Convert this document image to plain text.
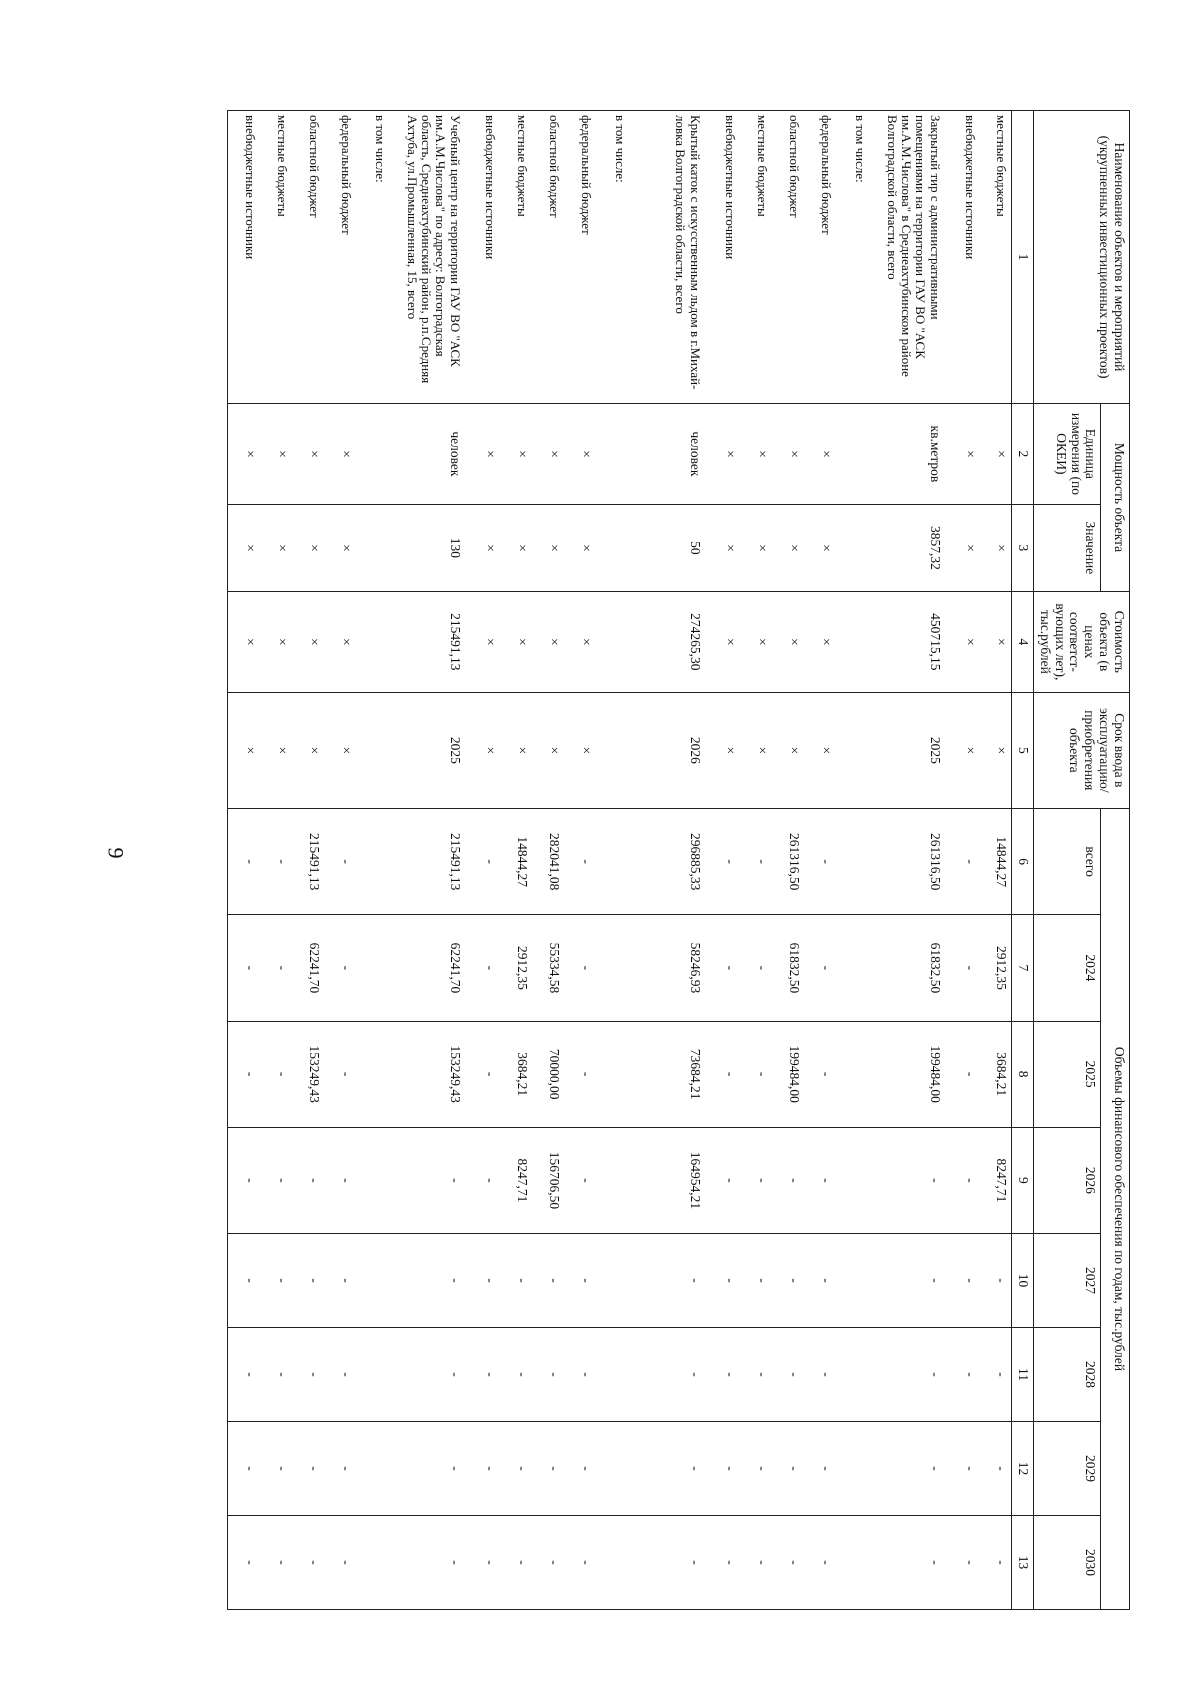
9
Наименование объектов и мероприятий (укрупненных инвестиционных проектов)	Мощность объекта		Стоимость объекта (в ценах соответст-вующих лет), тыс.рублей	Срок ввода в эксплуатацию/ приобретения объекта	Объемы финансового обеспечения по годам, тыс.рублей							
	Единица измерения (по ОКЕИ)	Значение			всего	2024	2025	2026	2027	2028	2029	2030
1	2	3	4	5	6	7	8	9	10	11	12	13
местные бюджеты	×	×	×	×	14844,27	2912,35	3684,21	8247,71	-	-	-	-
внебюджетные источники	×	×	×	×	-	-	-	-	-	-	-	-
Закрытый тир с административными помещениями на территории ГАУ ВО "АСК им.А.М.Числова" в Среднеахтубинском районе Волгоградской области, всего	кв.метров	3857,32	450715,15	2025	261316,50	61832,50	199484,00	-	-	-	-	-
в том числе:												
федеральный бюджет	×	×	×	×	-	-	-	-	-	-	-	-
областной бюджет	×	×	×	×	261316,50	61832,50	199484,00	-	-	-	-	-
местные бюджеты	×	×	×	×	-	-	-	-	-	-	-	-
внебюджетные источники	×	×	×	×	-	-	-	-	-	-	-	-
Крытый каток с искусственным льдом в г.Михай-ловка Волгоградской области, всего	человек	50	274265,30	2026	296885,33	58246,93	73684,21	164954,21	-	-	-	-
в том числе:												
федеральный бюджет	×	×	×	×	-	-	-	-	-	-	-	-
областной бюджет	×	×	×	×	282041,08	55334,58	70000,00	156706,50	-	-	-	-
местные бюджеты	×	×	×	×	14844,27	2912,35	3684,21	8247,71	-	-	-	-
внебюджетные источники	×	×	×	×	-	-	-	-	-	-	-	-
Учебный центр на территории ГАУ ВО "АСК им.А.М.Числова" по адресу: Волгоградская область, Среднеахтубинский район, р.п.Средняя Ахтуба, ул.Промышленная, 15, всего	человек	130	215491,13	2025	215491,13	62241,70	153249,43	-	-	-	-	-
в том числе:												
федеральный бюджет	×	×	×	×	-	-	-	-	-	-	-	-
областной бюджет	×	×	×	×	215491,13	62241,70	153249,43	-	-	-	-	-
местные бюджеты	×	×	×	×	-	-	-	-	-	-	-	-
внебюджетные источники	×	×	×	×	-	-	-	-	-	-	-	-
